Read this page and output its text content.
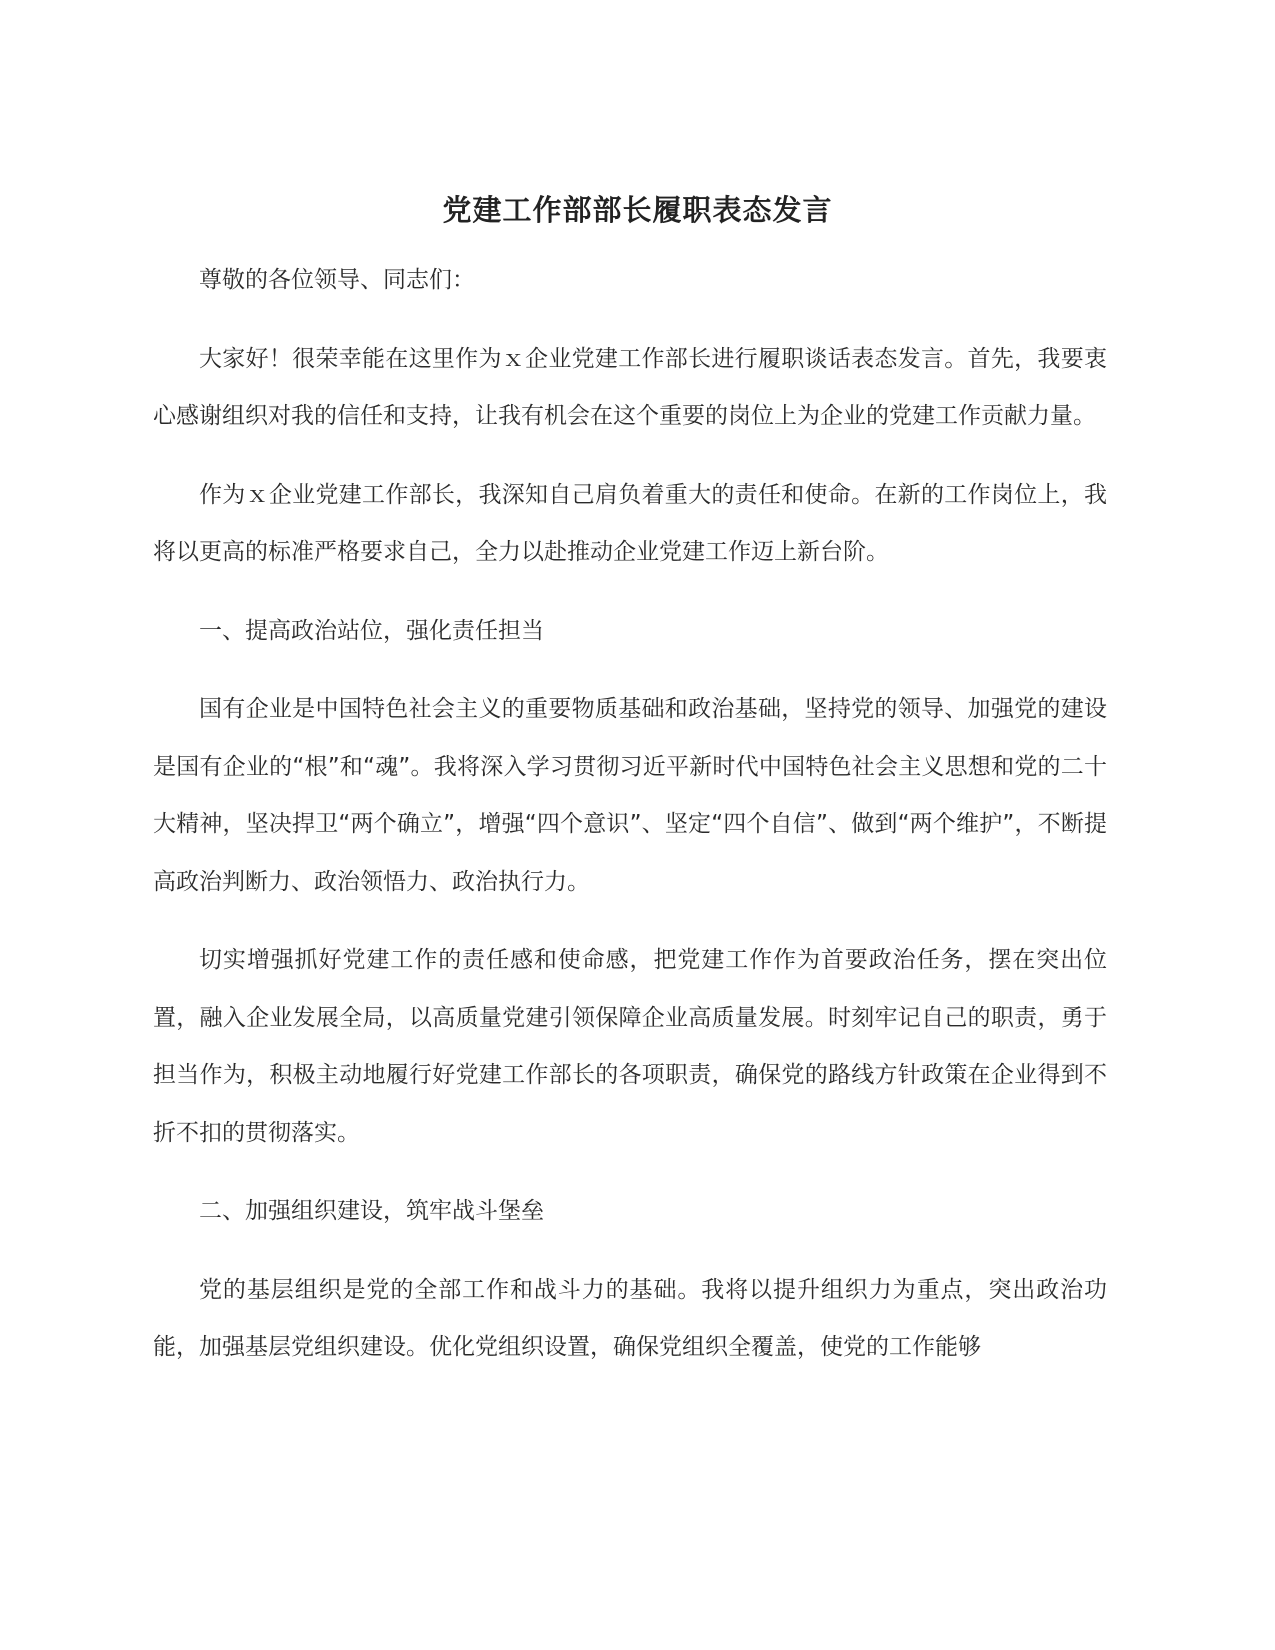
党建工作部部长履职表态发言

尊敬的各位领导、同志们：

大家好！很荣幸能在这里作为ｘ企业党建工作部长进行履职谈话表态发言。首先，我要衷心感谢组织对我的信任和支持，让我有机会在这个重要的岗位上为企业的党建工作贡献力量。

作为ｘ企业党建工作部长，我深知自己肩负着重大的责任和使命。在新的工作岗位上，我将以更高的标准严格要求自己，全力以赴推动企业党建工作迈上新台阶。

一、提高政治站位，强化责任担当

国有企业是中国特色社会主义的重要物质基础和政治基础，坚持党的领导、加强党的建设是国有企业的“根”和“魂”。我将深入学习贯彻习近平新时代中国特色社会主义思想和党的二十大精神，坚决捍卫“两个确立”，增强“四个意识”、坚定“四个自信”、做到“两个维护”，不断提高政治判断力、政治领悟力、政治执行力。

切实增强抓好党建工作的责任感和使命感，把党建工作作为首要政治任务，摆在突出位置，融入企业发展全局，以高质量党建引领保障企业高质量发展。时刻牢记自己的职责，勇于担当作为，积极主动地履行好党建工作部长的各项职责，确保党的路线方针政策在企业得到不折不扣的贯彻落实。

二、加强组织建设，筑牢战斗堡垒

党的基层组织是党的全部工作和战斗力的基础。我将以提升组织力为重点，突出政治功能，加强基层党组织建设。优化党组织设置，确保党组织全覆盖，使党的工作能够
